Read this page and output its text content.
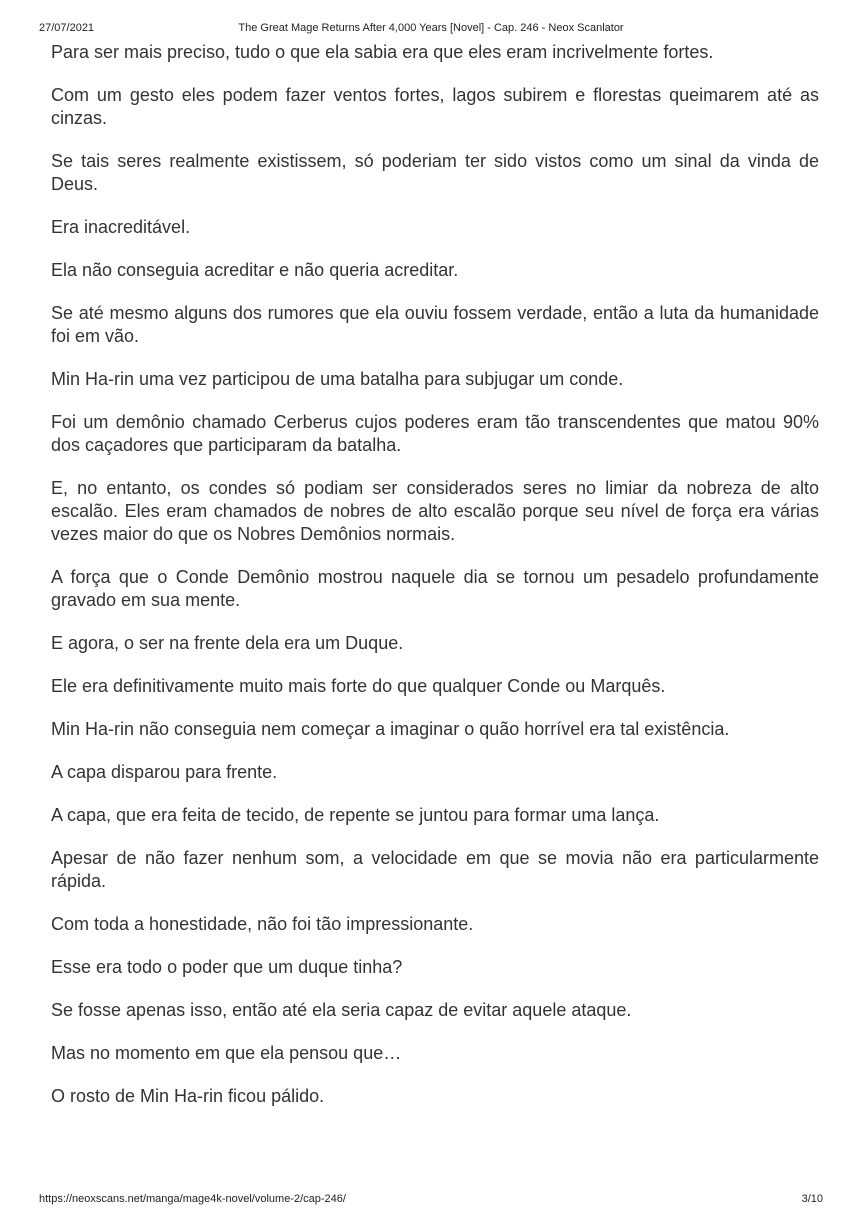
27/07/2021	The Great Mage Returns After 4,000 Years [Novel] - Cap. 246 - Neox Scanlator

Para ser mais preciso, tudo o que ela sabia era que eles eram incrivelmente fortes.

Com um gesto eles podem fazer ventos fortes, lagos subirem e florestas queimarem até as cinzas.

Se tais seres realmente existissem, só poderiam ter sido vistos como um sinal da vinda de Deus.

Era inacreditável.

Ela não conseguia acreditar e não queria acreditar.

Se até mesmo alguns dos rumores que ela ouviu fossem verdade, então a luta da humanidade foi em vão.

Min Ha-rin uma vez participou de uma batalha para subjugar um conde.

Foi um demônio chamado Cerberus cujos poderes eram tão transcendentes que matou 90% dos caçadores que participaram da batalha.

E, no entanto, os condes só podiam ser considerados seres no limiar da nobreza de alto escalão. Eles eram chamados de nobres de alto escalão porque seu nível de força era várias vezes maior do que os Nobres Demônios normais.

A força que o Conde Demônio mostrou naquele dia se tornou um pesadelo profundamente gravado em sua mente.

E agora, o ser na frente dela era um Duque.

Ele era definitivamente muito mais forte do que qualquer Conde ou Marquês.

Min Ha-rin não conseguia nem começar a imaginar o quão horrível era tal existência.

A capa disparou para frente.

A capa, que era feita de tecido, de repente se juntou para formar uma lança.

Apesar de não fazer nenhum som, a velocidade em que se movia não era particularmente rápida.

Com toda a honestidade, não foi tão impressionante.

Esse era todo o poder que um duque tinha?

Se fosse apenas isso, então até ela seria capaz de evitar aquele ataque.

Mas no momento em que ela pensou que…

O rosto de Min Ha-rin ficou pálido.

https://neoxscans.net/manga/mage4k-novel/volume-2/cap-246/	3/10
